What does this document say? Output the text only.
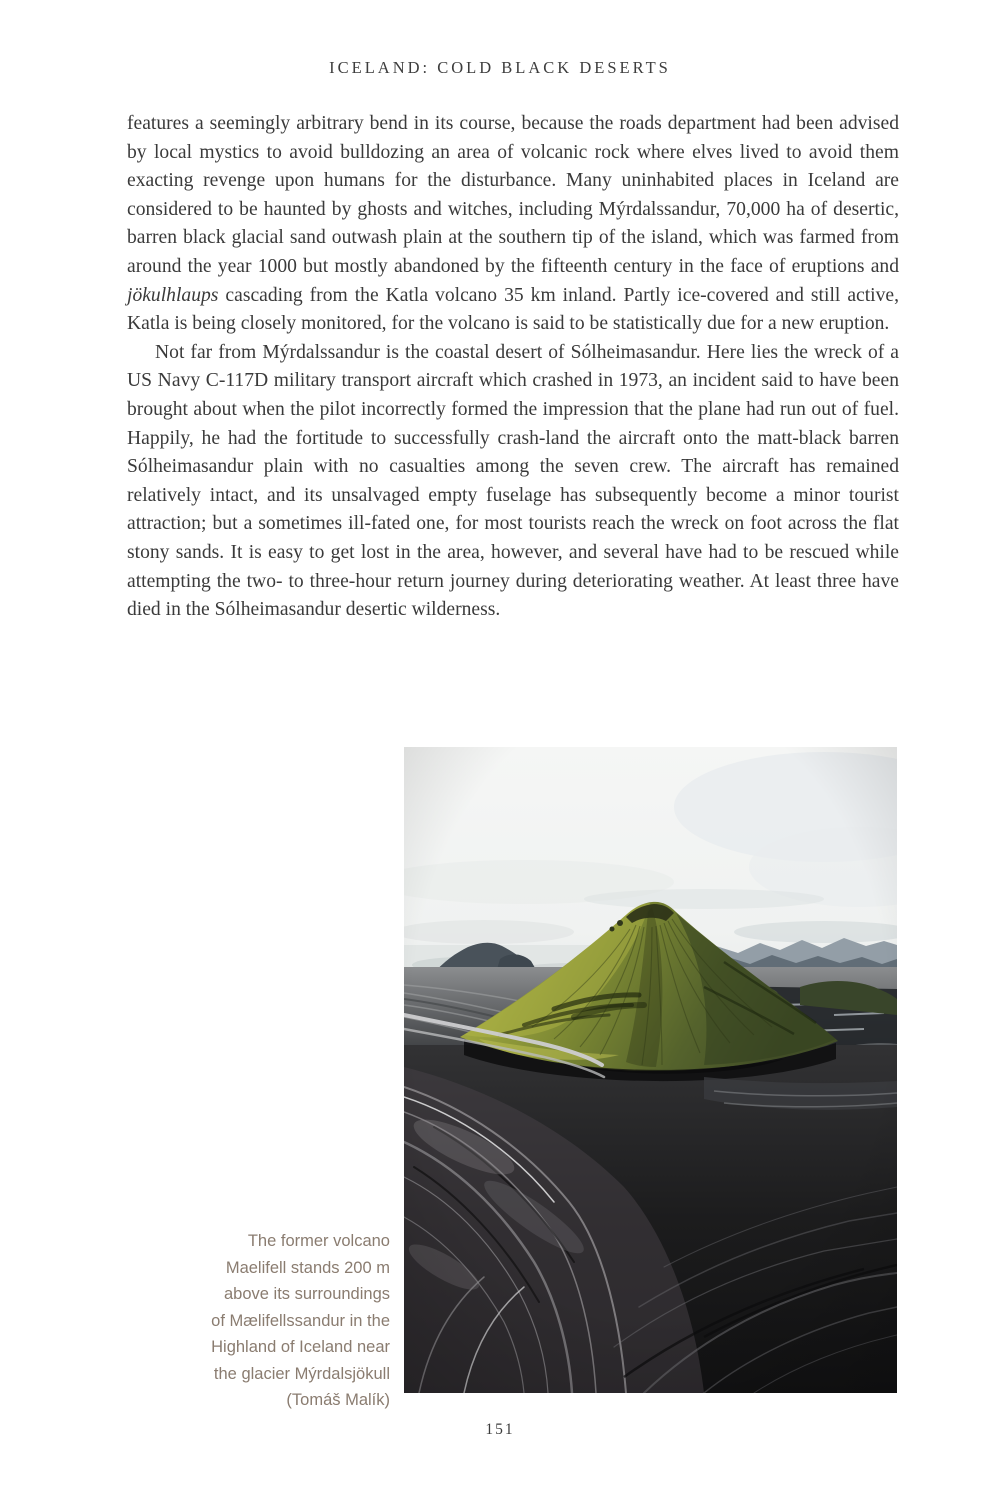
ICELAND: COLD BLACK DESERTS

features a seemingly arbitrary bend in its course, because the roads department had been advised by local mystics to avoid bulldozing an area of volcanic rock where elves lived to avoid them exacting revenge upon humans for the disturbance. Many uninhabited places in Iceland are considered to be haunted by ghosts and witches, including Mýrdalssandur, 70,000 ha of desertic, barren black glacial sand outwash plain at the southern tip of the island, which was farmed from around the year 1000 but mostly abandoned by the fifteenth century in the face of eruptions and jökulhlaups cascading from the Katla volcano 35 km inland. Partly ice-covered and still active, Katla is being closely monitored, for the volcano is said to be statistically due for a new eruption.

Not far from Mýrdalssandur is the coastal desert of Sólheimasandur. Here lies the wreck of a US Navy C-117D military transport aircraft which crashed in 1973, an incident said to have been brought about when the pilot incorrectly formed the impression that the plane had run out of fuel. Happily, he had the fortitude to successfully crash-land the aircraft onto the matt-black barren Sólheimasandur plain with no casualties among the seven crew. The aircraft has remained relatively intact, and its unsalvaged empty fuselage has subsequently become a minor tourist attraction; but a sometimes ill-fated one, for most tourists reach the wreck on foot across the flat stony sands. It is easy to get lost in the area, however, and several have had to be rescued while attempting the two- to three-hour return journey during deteriorating weather. At least three have died in the Sólheimasandur desertic wilderness.

The former volcano
Maelifell stands 200 m
above its surroundings
of Mælifellssandur in the
Highland of Iceland near
the glacier Mýrdalsjökull
(Tomáš Malík)
151
